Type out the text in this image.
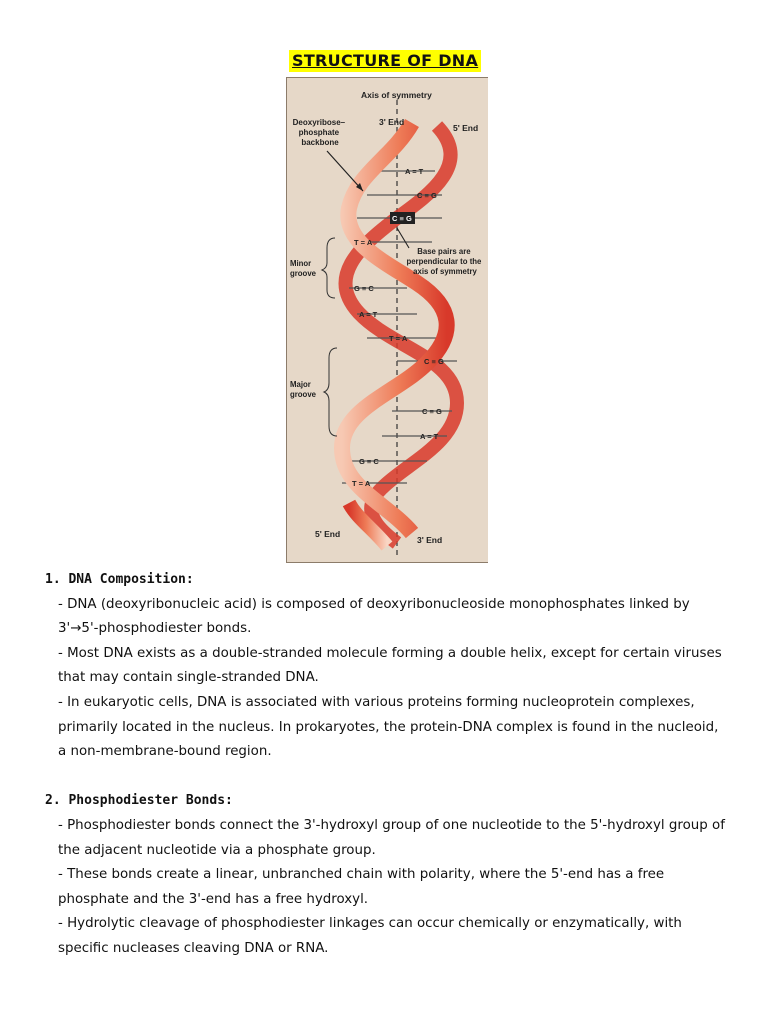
STRUCTURE OF DNA
A = T
C ≡ G
C ≡ G
T = A
G ≡ C
A = T
T = A
C ≡ G
C ≡ G
A = T
G ≡ C
T = A
Axis of symmetry
3' End
5' End
Deoxyribose– phosphate backbone
Base pairs are perpendicular to the axis of symmetry
Minor groove
Major groove
5' End
3' End
1. DNA Composition:

- DNA (deoxyribonucleic acid) is composed of deoxyribonucleoside monophosphates linked by 3'→5'-phosphodiester bonds.

- Most DNA exists as a double-stranded molecule forming a double helix, except for certain viruses that may contain single-stranded DNA.

- In eukaryotic cells, DNA is associated with various proteins forming nucleoprotein complexes, primarily located in the nucleus. In prokaryotes, the protein-DNA complex is found in the nucleoid, a non-membrane-bound region.

2. Phosphodiester Bonds:

- Phosphodiester bonds connect the 3'-hydroxyl group of one nucleotide to the 5'-hydroxyl group of the adjacent nucleotide via a phosphate group.

- These bonds create a linear, unbranched chain with polarity, where the 5'-end has a free phosphate and the 3'-end has a free hydroxyl.

- Hydrolytic cleavage of phosphodiester linkages can occur chemically or enzymatically, with specific nucleases cleaving DNA or RNA.
